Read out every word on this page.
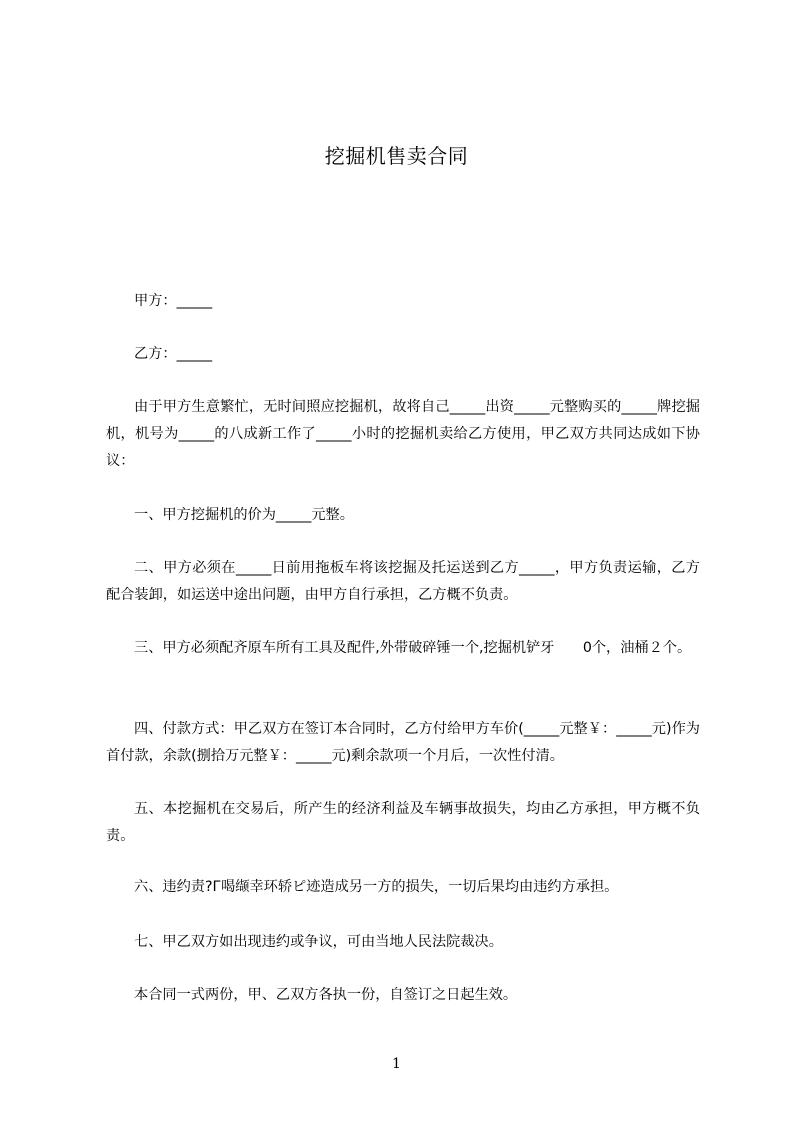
挖掘机售卖合同
甲方：_____
乙方：_____
由于甲方生意繁忙，无时间照应挖掘机，故将自己_____出资_____元整购买的_____牌挖掘机，机号为_____的八成新工作了_____小时的挖掘机卖给乙方使用，甲乙双方共同达成如下协议：
一、甲方挖掘机的价为_____元整。
二、甲方必须在_____日前用拖板车将该挖掘及托运送到乙方_____，甲方负责运输，乙方配合装卸，如运送中途出问题，由甲方自行承担，乙方概不负责。
三、甲方必须配齐原车所有工具及配件,外带破碎锤一个,挖掘机铲牙　　0个，油桶２个。
四、付款方式：甲乙双方在签订本合同时，乙方付给甲方车价(_____元整￥：_____元)作为首付款，余款(捌拾万元整￥：_____元)剩余款项一个月后，一次性付清。
五、本挖掘机在交易后，所产生的经济利益及车辆事故损失，均由乙方承担，甲方概不负责。
六、违约责?Г喝缬幸环轿ピ迹造成另一方的损失，一切后果均由违约方承担。
七、甲乙双方如出现违约或争议，可由当地人民法院裁决。
本合同一式两份，甲、乙双方各执一份，自签订之日起生效。
1
